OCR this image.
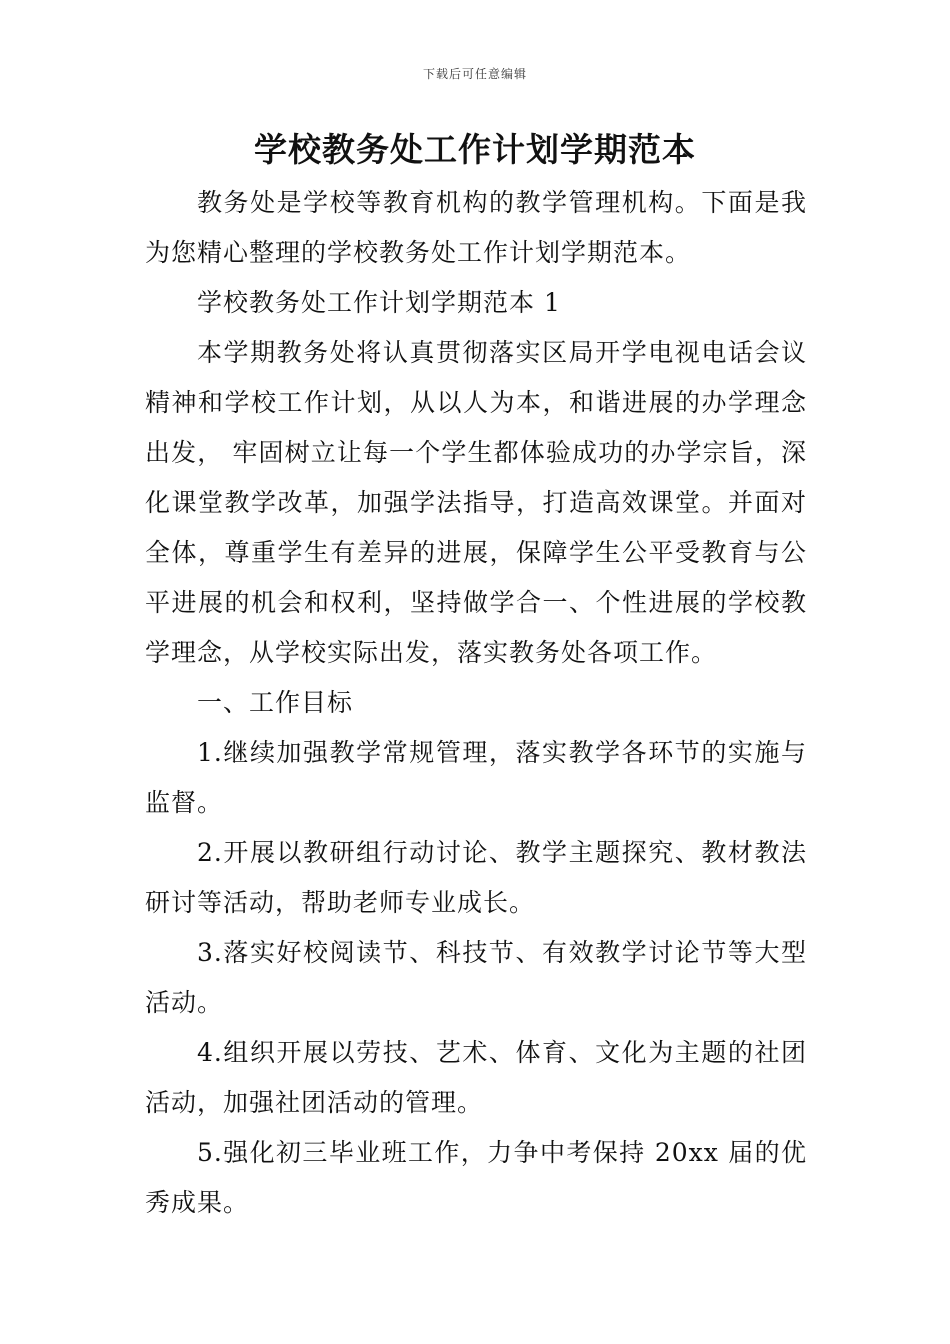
下载后可任意编辑
学校教务处工作计划学期范本

教务处是学校等教育机构的教学管理机构。下面是我为您精心整理的学校教务处工作计划学期范本。

学校教务处工作计划学期范本 1

本学期教务处将认真贯彻落实区局开学电视电话会议精神和学校工作计划，从以人为本，和谐进展的办学理念出发， 牢固树立让每一个学生都体验成功的办学宗旨，深化课堂教学改革，加强学法指导，打造高效课堂。并面对全体，尊重学生有差异的进展，保障学生公平受教育与公平进展的机会和权利，坚持做学合一、个性进展的学校教学理念，从学校实际出发，落实教务处各项工作。

一、工作目标

1.继续加强教学常规管理，落实教学各环节的实施与监督。

2.开展以教研组行动讨论、教学主题探究、教材教法研讨等活动，帮助老师专业成长。

3.落实好校阅读节、科技节、有效教学讨论节等大型活动。

4.组织开展以劳技、艺术、体育、文化为主题的社团活动，加强社团活动的管理。

5.强化初三毕业班工作，力争中考保持 20xx 届的优秀成果。
